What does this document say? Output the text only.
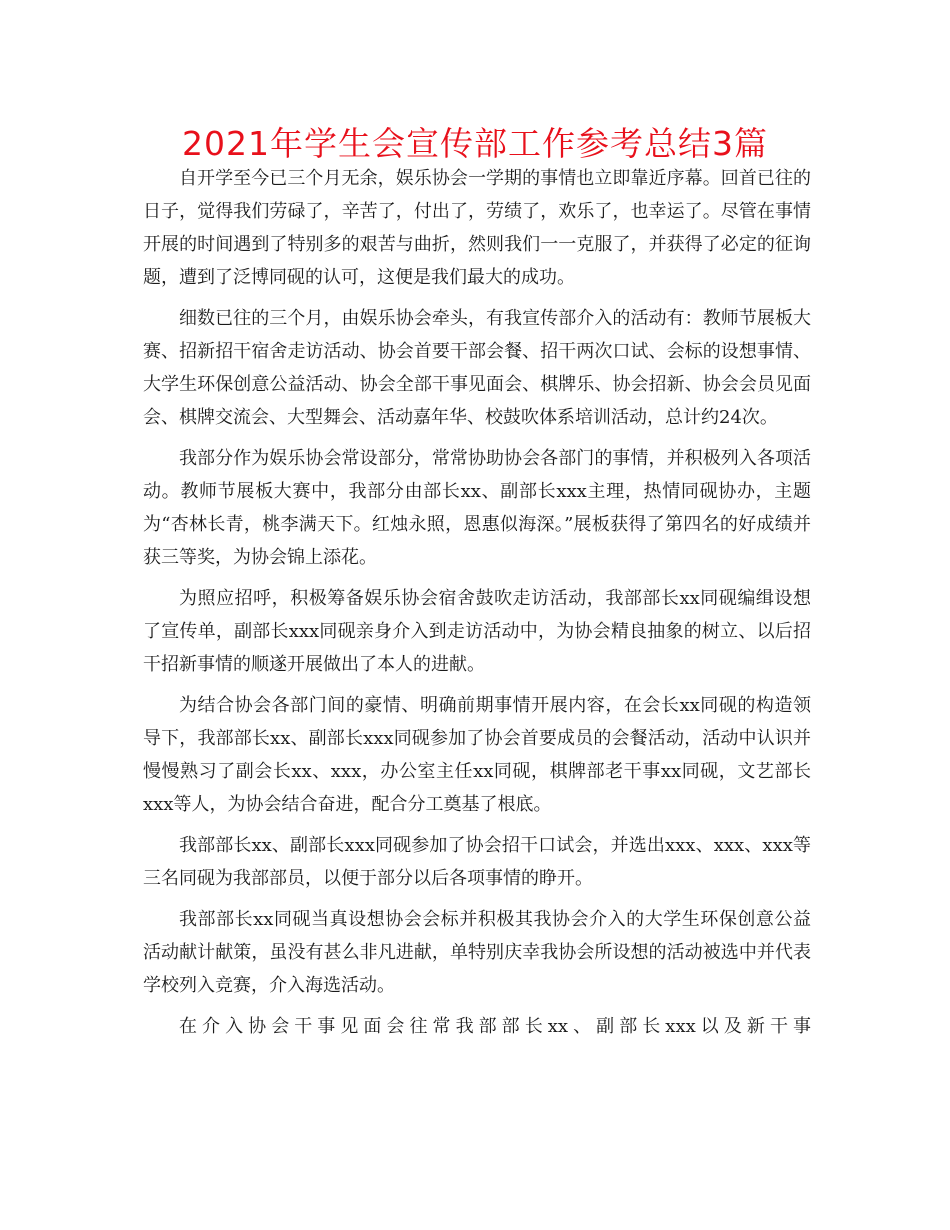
2021年学生会宣传部工作参考总结3篇

自开学至今已三个月无余，娱乐协会一学期的事情也立即靠近序幕。回首已往的日子，觉得我们劳碌了，辛苦了，付出了，劳绩了，欢乐了，也幸运了。尽管在事情开展的时间遇到了特别多的艰苦与曲折，然则我们一一克服了，并获得了必定的征询题，遭到了泛博同砚的认可，这便是我们最大的成功。

细数已往的三个月，由娱乐协会牵头，有我宣传部介入的活动有：教师节展板大赛、招新招干宿舍走访活动、协会首要干部会餐、招干两次口试、会标的设想事情、大学生环保创意公益活动、协会全部干事见面会、棋牌乐、协会招新、协会会员见面会、棋牌交流会、大型舞会、活动嘉年华、校鼓吹体系培训活动，总计约24次。

我部分作为娱乐协会常设部分，常常协助协会各部门的事情，并积极列入各项活动。教师节展板大赛中，我部分由部长xx、副部长xxx主理，热情同砚协办，主题为“杏林长青，桃李满天下。红烛永照，恩惠似海深。”展板获得了第四名的好成绩并获三等奖，为协会锦上添花。

为照应招呼，积极筹备娱乐协会宿舍鼓吹走访活动，我部部长xx同砚编缉设想了宣传单，副部长xxx同砚亲身介入到走访活动中，为协会精良抽象的树立、以后招干招新事情的顺遂开展做出了本人的进献。

为结合协会各部门间的豪情、明确前期事情开展内容，在会长xx同砚的构造领导下，我部部长xx、副部长xxx同砚参加了协会首要成员的会餐活动，活动中认识并慢慢熟习了副会长xx、xxx，办公室主任xx同砚，棋牌部老干事xx同砚，文艺部长xxx等人，为协会结合奋进，配合分工奠基了根底。

我部部长xx、副部长xxx同砚参加了协会招干口试会，并选出xxx、xxx、xxx等三名同砚为我部部员，以便于部分以后各项事情的睁开。

我部部长xx同砚当真设想协会会标并积极其我协会介入的大学生环保创意公益活动献计献策，虽没有甚么非凡进献，单特别庆幸我协会所设想的活动被选中并代表学校列入竞赛，介入海选活动。

在介入协会干事见面会往常我部部长xx、副部长xxx以及新干事
